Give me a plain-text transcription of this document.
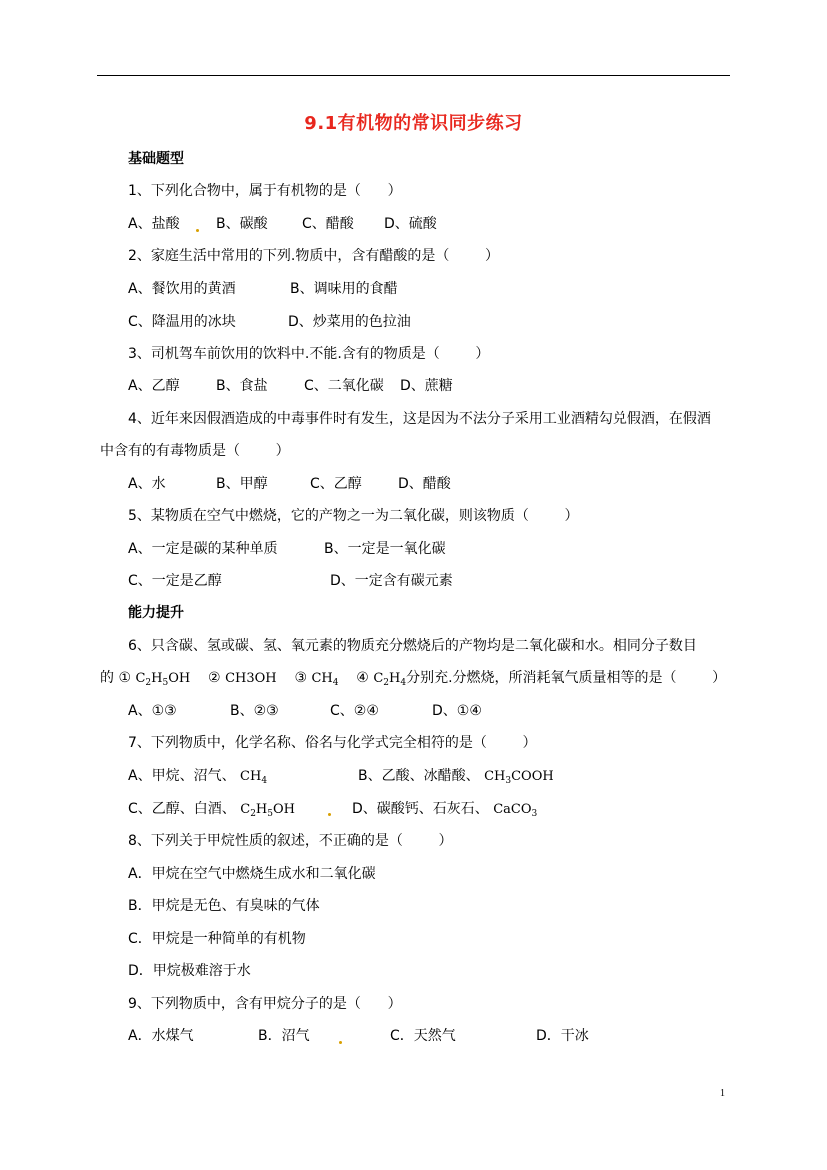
9.1有机物的常识同步练习
基础题型
1、下列化合物中，属于有机物的是（      ）
A、盐酸	B、碳酸 C、醋酸 D、硫酸
2、家庭生活中常用的下列.物质中，含有醋酸的是（        ）
A、餐饮用的黄酒	B、调味用的食醋
C、降温用的冰块	D、炒菜用的色拉油
3、司机驾车前饮用的饮料中.不能.含有的物质是（        ）
A、乙醇	B、食盐	C、二氧化碳 D、蔗糖
4、近年来因假酒造成的中毒事件时有发生，这是因为不法分子采用工业酒精勾兑假酒，在假酒
中含有的有毒物质是（        ）
A、水	B、甲醇	C、乙醇	D、醋酸
5、某物质在空气中燃烧，它的产物之一为二氧化碳，则该物质（        ）
A、一定是碳的某种单质	B、一定是一氧化碳
C、一定是乙醇	D、一定含有碳元素
能力提升
6、只含碳、氢或碳、氢、氧元素的物质充分燃烧后的产物均是二氧化碳和水。相同分子数目
的 ① $C_2H_5OH$ ② CH3OH ③ $CH_4$ ④ $C_2H_4$分别充.分燃烧，所消耗氧气质量相等的是（        ）
A、①③	B、②③	C、②④	D、①④
7、下列物质中，化学名称、俗名与化学式完全相符的是（        ）
A、甲烷、沼气、 $CH_4$	B、乙酸、冰醋酸、 $CH_3COOH$
C、乙醇、白酒、 $C_2H_5OH$	D、碳酸钙、石灰石、 CaCO$_3$
8、下列关于甲烷性质的叙述，不正确的是（        ）
A．甲烷在空气中燃烧生成水和二氧化碳
B．甲烷是无色、有臭味的气体
C．甲烷是一种简单的有机物
D．甲烷极难溶于水
9、下列物质中，含有甲烷分子的是（      ）
A．水煤气	B．沼气	C．天然气	D．干冰
1
